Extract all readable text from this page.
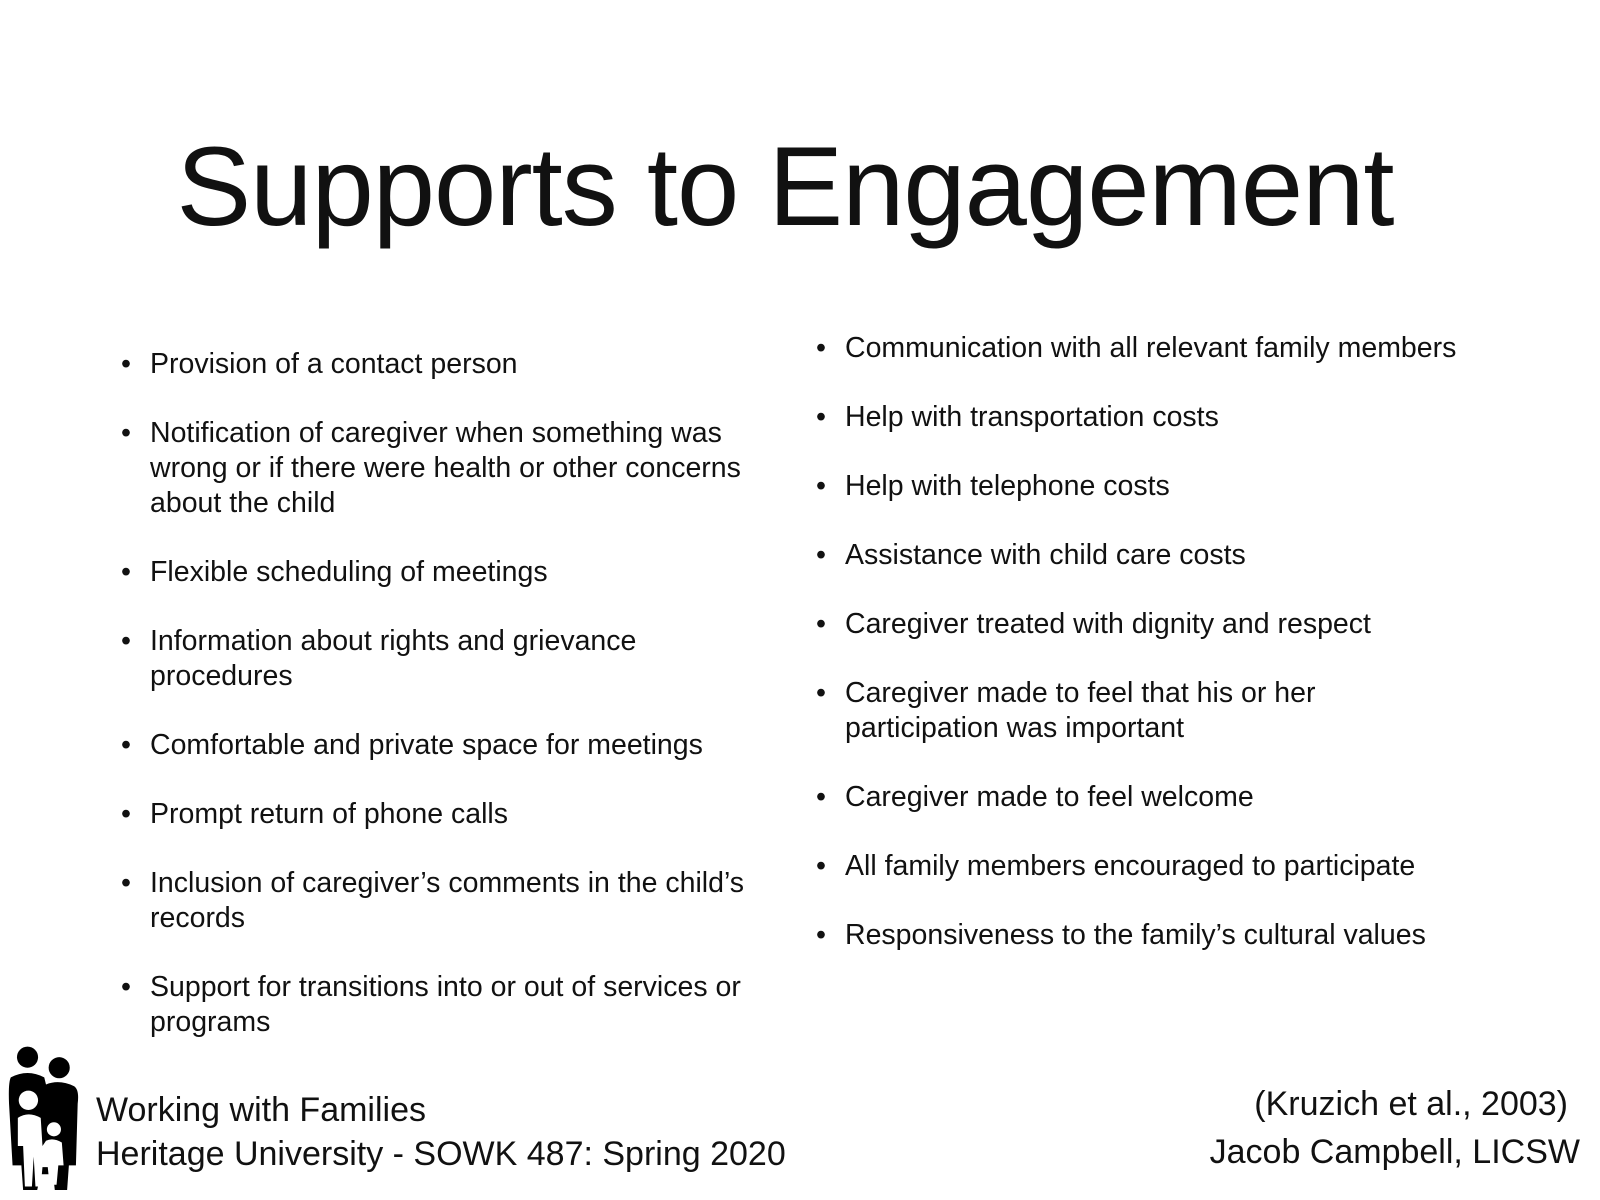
Supports to Engagement
• Provision of a contact person
• Notification of caregiver when something was wrong or if there were health or other concerns about the child
• Flexible scheduling of meetings
• Information about rights and grievance procedures
• Comfortable and private space for meetings
• Prompt return of phone calls
• Inclusion of caregiver’s comments in the child’s records
• Support for transitions into or out of services or programs
• Communication with all relevant family members
• Help with transportation costs
• Help with telephone costs
• Assistance with child care costs
• Caregiver treated with dignity and respect
• Caregiver made to feel that his or her participation was important
• Caregiver made to feel welcome
• All family members encouraged to participate
• Responsiveness to the family’s cultural values
Working with Families
Heritage University - SOWK 487: Spring 2020
(Kruzich et al., 2003)
Jacob Campbell, LICSW
